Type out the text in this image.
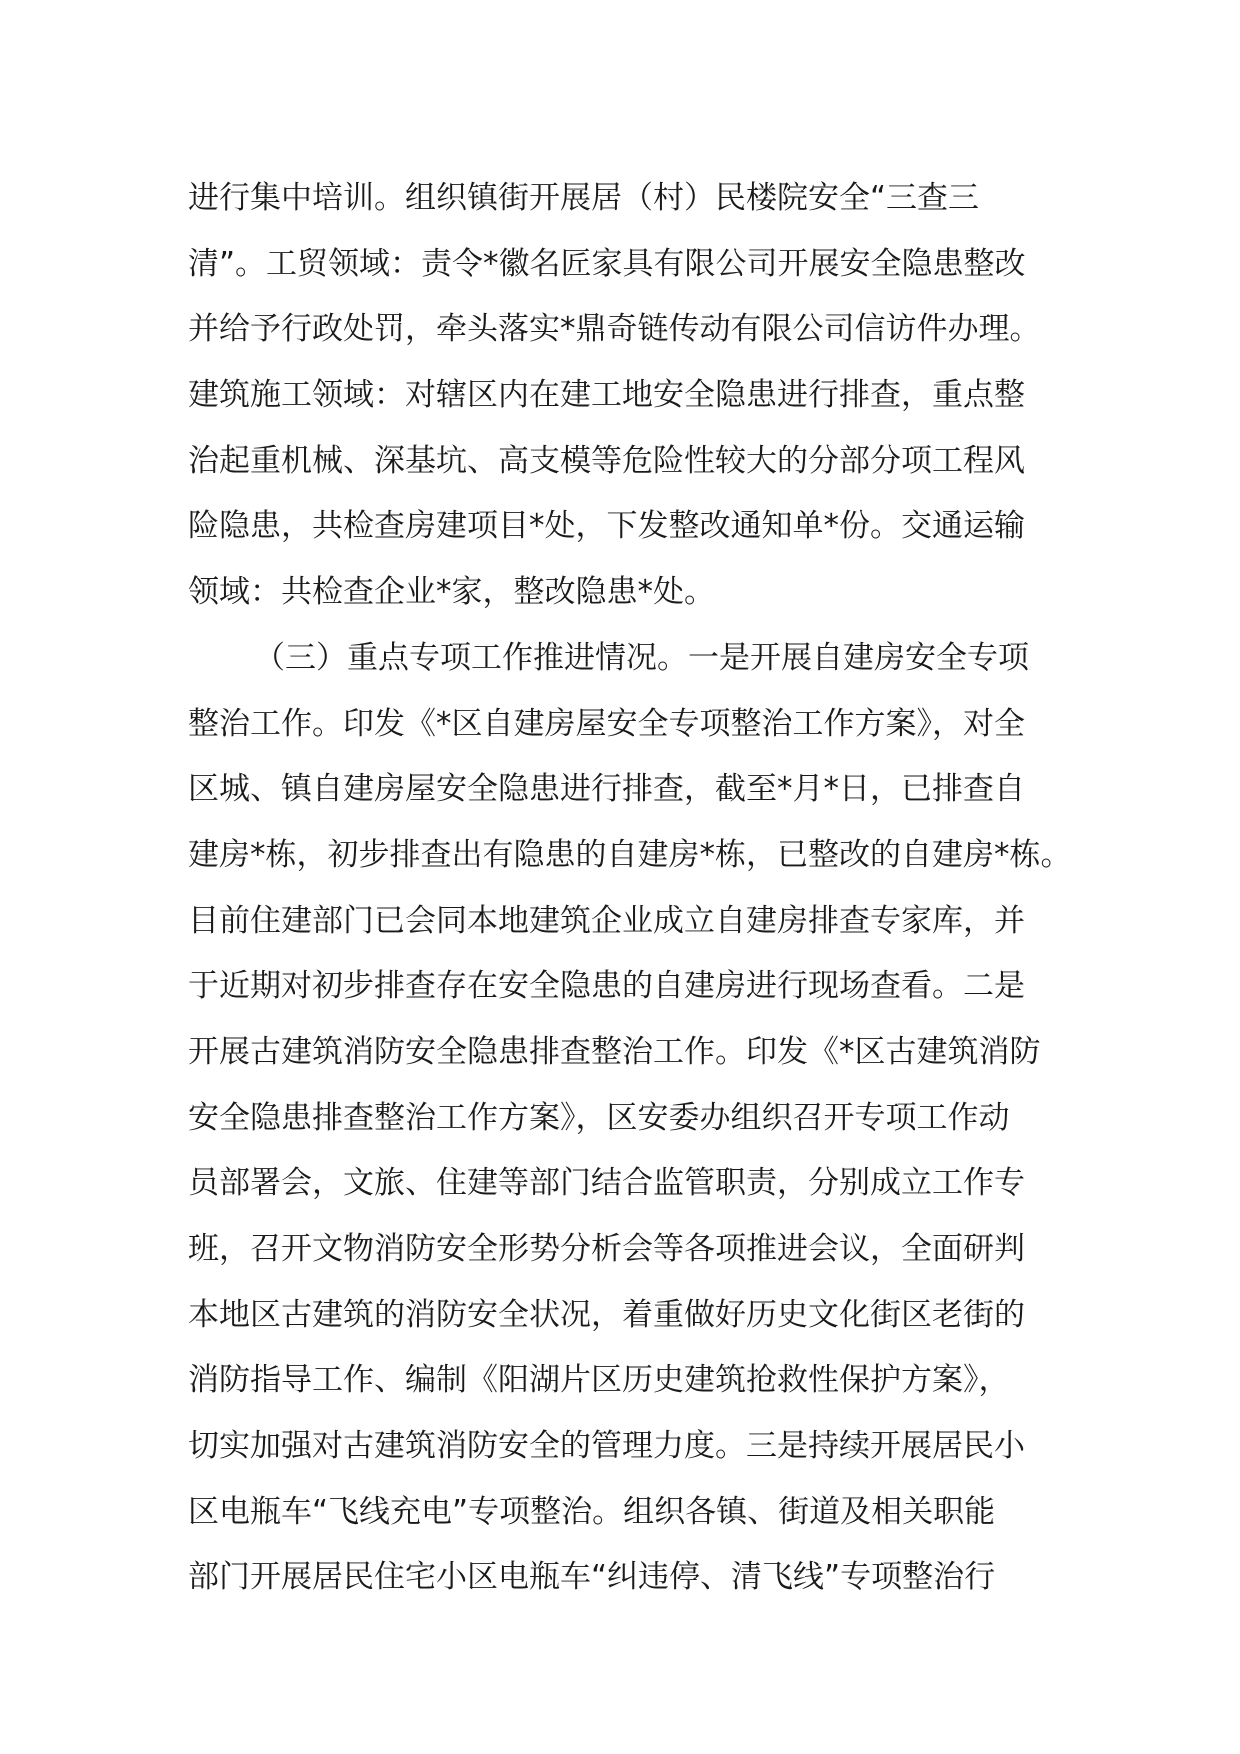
进行集中培训。组织镇街开展居（村）民楼院安全“三查三
清”。工贸领域：责令*徽名匠家具有限公司开展安全隐患整改
并给予行政处罚，牵头落实*鼎奇链传动有限公司信访件办理。
建筑施工领域：对辖区内在建工地安全隐患进行排查，重点整
治起重机械、深基坑、高支模等危险性较大的分部分项工程风
险隐患，共检查房建项目*处，下发整改通知单*份。交通运输
领域：共检查企业*家，整改隐患*处。
（三）重点专项工作推进情况。一是开展自建房安全专项
整治工作。印发《*区自建房屋安全专项整治工作方案》，对全
区城、镇自建房屋安全隐患进行排查，截至*月*日，已排查自
建房*栋，初步排查出有隐患的自建房*栋，已整改的自建房*栋。
目前住建部门已会同本地建筑企业成立自建房排查专家库，并
于近期对初步排查存在安全隐患的自建房进行现场查看。二是
开展古建筑消防安全隐患排查整治工作。印发《*区古建筑消防
安全隐患排查整治工作方案》，区安委办组织召开专项工作动
员部署会，文旅、住建等部门结合监管职责，分别成立工作专
班，召开文物消防安全形势分析会等各项推进会议，全面研判
本地区古建筑的消防安全状况，着重做好历史文化街区老街的
消防指导工作、编制《阳湖片区历史建筑抢救性保护方案》，
切实加强对古建筑消防安全的管理力度。三是持续开展居民小
区电瓶车“飞线充电”专项整治。组织各镇、街道及相关职能
部门开展居民住宅小区电瓶车“纠违停、清飞线”专项整治行
